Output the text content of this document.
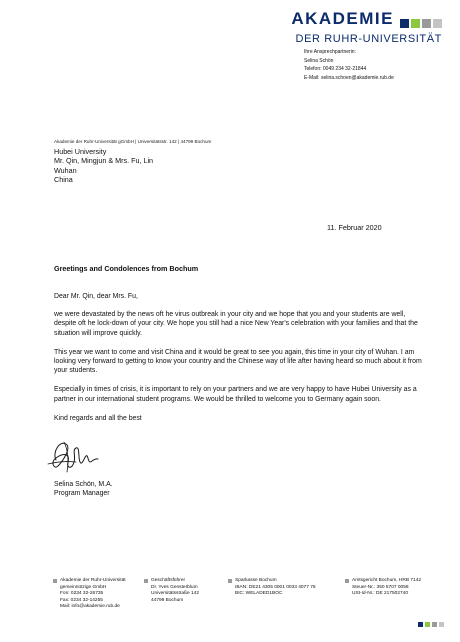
AKADEMIE
DER RUHR-UNIVERSITÄT
Ihre Ansprechpartnerin:
Selina Schön
Telefon: 0049 234 32-21844
E-Mail: selina.schoen@akademie.rub.de
Akademie der Ruhr-Universität gGmbH | Universitätsstr. 142 | 44799 Bochum
Hubei University
Mr. Qin, Mingjun & Mrs. Fu, Lin
Wuhan
China
11. Februar 2020
Greetings and Condolences from Bochum

Dear Mr. Qin, dear Mrs. Fu,

we were devastated by the news oft he virus outbreak in your city and we hope that you and your students are well, despite oft he lock-down of your city. We hope you still had a nice New Year's celebration with your families and that the situation will improve quickly.

This year we want to come and visit China and it would be great to see you again, this time in your city of Wuhan. I am looking very forward to getting to know your country and the Chinese way of life after having heard so much about it from your students.

Especially in times of crisis, it is important to rely on your partners and we are very happy to have Hubei University as a partner in our international student programs. We would be thrilled to welcome you to Germany again soon.

Kind regards and all the best

Selina Schön, M.A.
Program Manager
Akademie der Ruhr-Universität
gemeinnützige GmbH
Fon: 0234 32-26735
Fax: 0234 32-14255
Mail: info@akademie.rub.de
Geschäftsführer
Dr. Yves Gensterblum
Universitätsstraße 142
44799 Bochum
Sparkasse Bochum
IBAN: DE21 4305 0001 0033 4077 76
BIC: WELADED1BOC
Amtsgericht Bochum, HRB 7142
Steuer-Nr.: 350 5707 0058
USt-Id-Nr.: DE 217502740
